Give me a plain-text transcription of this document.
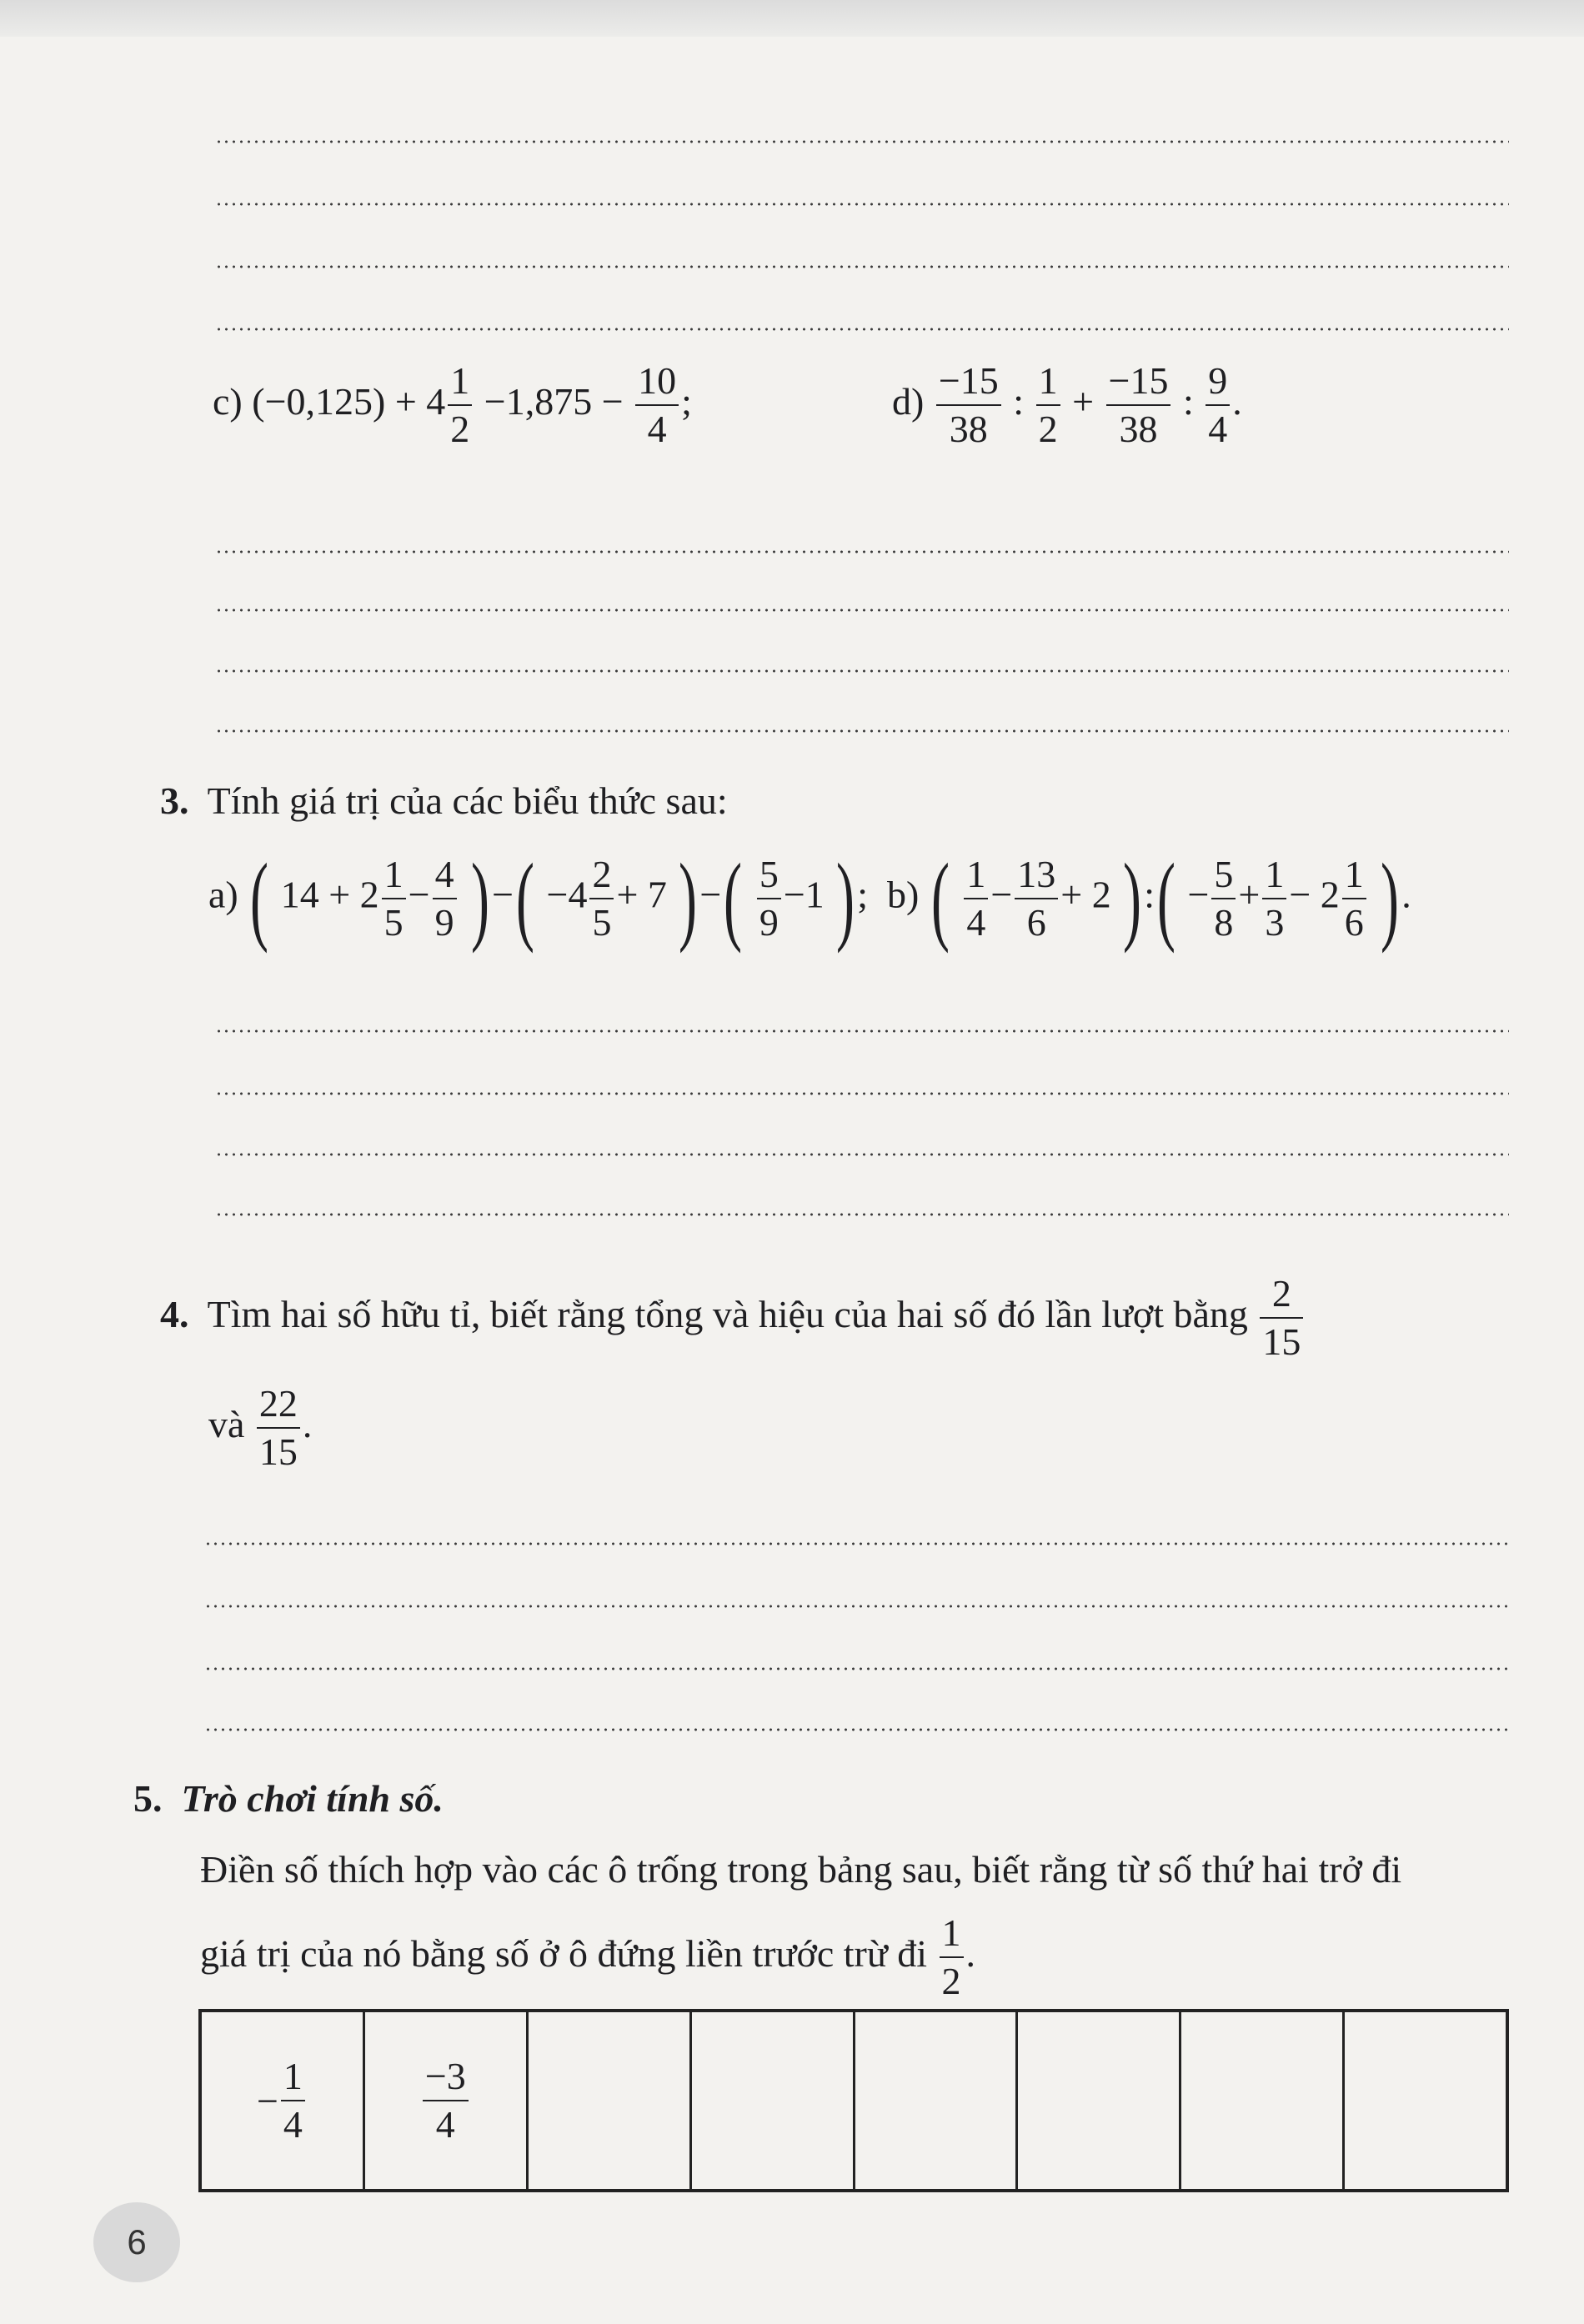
c) $(-0,125) + 4 \frac{1}{2} -1,875 - \frac{10}{4}$ ;	$d) \frac{-15}{38}$ : $\frac{1}{2} + \frac{-15}{38}$ : $\frac{9}{4}$ .
3. Tính giá trị của các biểu thức sau:
a) ( $14 + 2 \frac{1}{5} - \frac{4}{9}$ )−( $-4 \frac{2}{5} + 7$ )−( $\frac{5}{9} -1$ ); b) ( $\frac{1}{4} - \frac{13}{6} + 2$ ):( − $\frac{5}{8} + \frac{1}{3} - 2 \frac{1}{6}$ ).
4. Tìm hai số hữu tỉ, biết rằng tổng và hiệu của hai số đó lần lượt bằng $\frac{2}{15}$
và $\frac{22}{15}$ .
5. Trò chơi tính số.
Điền số thích hợp vào các ô trống trong bảng sau, biết rằng từ số thứ hai trở đi
giá trị của nó bằng số ở ô đứng liền trước trừ đi $\frac{1}{2}$ .
− $\frac{1}{4}$	$\frac{-3}{4}$
6
